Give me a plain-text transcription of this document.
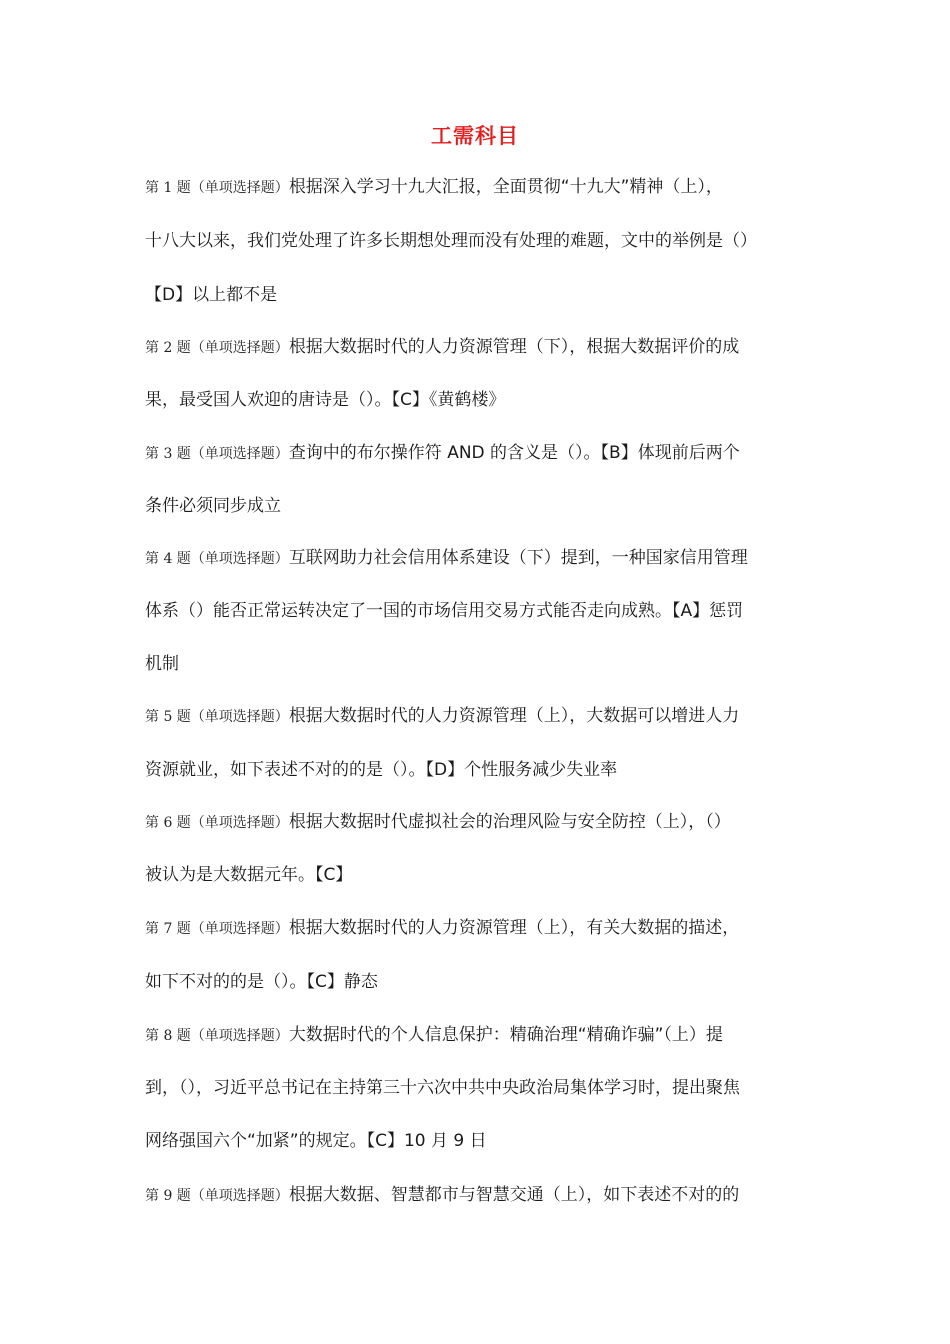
工需科目
第 1 题（单项选择题）根据深入学习十九大汇报，全面贯彻“十九大”精神（上），
十八大以来，我们党处理了许多长期想处理而没有处理的难题，文中的举例是（）
【D】以上都不是
第 2 题（单项选择题）根据大数据时代的人力资源管理（下），根据大数据评价的成
果，最受国人欢迎的唐诗是（）。【C】《黄鹤楼》
第 3 题（单项选择题）查询中的布尔操作符 AND 的含义是（）。【B】体现前后两个
条件必须同步成立
第 4 题（单项选择题）互联网助力社会信用体系建设（下）提到，一种国家信用管理
体系（）能否正常运转决定了一国的市场信用交易方式能否走向成熟。【A】惩罚
机制
第 5 题（单项选择题）根据大数据时代的人力资源管理（上），大数据可以增进人力
资源就业，如下表述不对的的是（）。【D】个性服务减少失业率
第 6 题（单项选择题）根据大数据时代虚拟社会的治理风险与安全防控（上），（）
被认为是大数据元年。【C】
第 7 题（单项选择题）根据大数据时代的人力资源管理（上），有关大数据的描述，
如下不对的的是（）。【C】静态
第 8 题（单项选择题）大数据时代的个人信息保护：精确治理“精确诈骗”（上）提
到，（），习近平总书记在主持第三十六次中共中央政治局集体学习时，提出聚焦
网络强国六个“加紧”的规定。【C】10 月 9 日
第 9 题（单项选择题）根据大数据、智慧都市与智慧交通（上），如下表述不对的的
